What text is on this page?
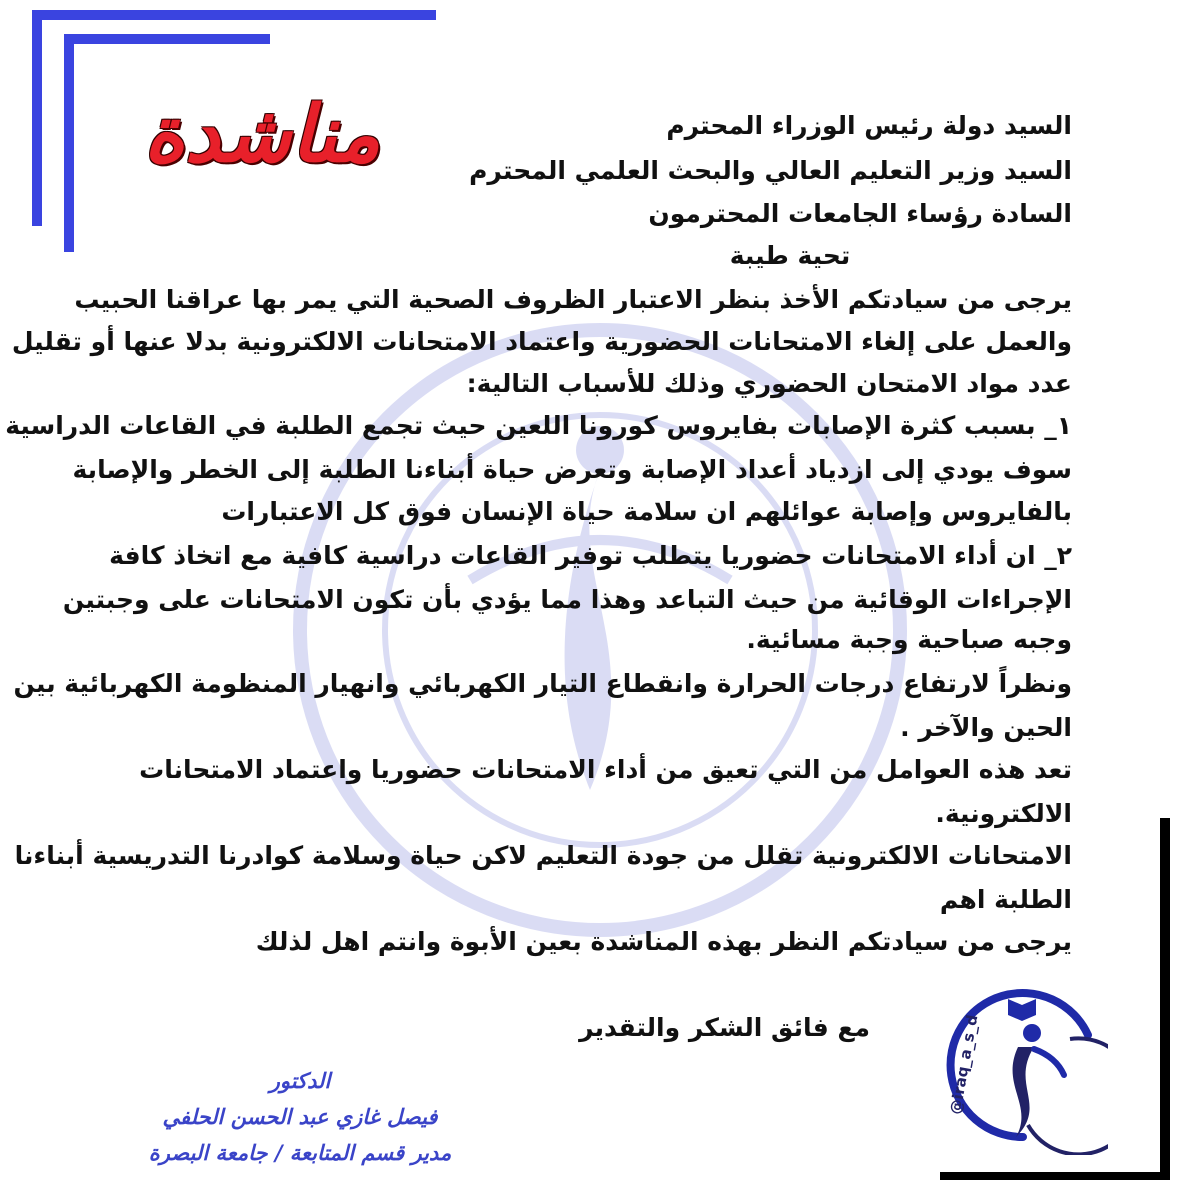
مناشدة	السيد دولة رئيس الوزراء المحترم
السيد وزير التعليم العالي والبحث العلمي المحترم
السادة رؤساء الجامعات المحترمون
تحية طيبة
يرجى من سيادتكم الأخذ بنظر الاعتبار الظروف الصحية التي يمر بها عراقنا الحبيب
والعمل على إلغاء الامتحانات الحضورية واعتماد الامتحانات الالكترونية بدلا عنها أو تقليل
عدد مواد الامتحان الحضوري وذلك للأسباب التالية:
١_ بسبب كثرة الإصابات بفايروس كورونا اللعين حيث تجمع الطلبة في القاعات الدراسية
سوف يودي إلى ازدياد أعداد الإصابة وتعرض حياة أبناءنا الطلبة إلى الخطر والإصابة
بالفايروس وإصابة عوائلهم ان سلامة حياة الإنسان فوق كل الاعتبارات
٢_ ان أداء الامتحانات حضوريا يتطلب توفير القاعات دراسية كافية مع اتخاذ كافة
الإجراءات الوقائية من حيث التباعد وهذا مما يؤدي بأن تكون الامتحانات على وجبتين
وجبه صباحية وجبة مسائية.
ونظراً لارتفاع درجات الحرارة وانقطاع التيار الكهربائي وانهيار المنظومة الكهربائية بين
الحين والآخر .
تعد هذه العوامل من التي تعيق من أداء الامتحانات حضوريا واعتماد الامتحانات
الالكترونية.
الامتحانات الالكترونية تقلل من جودة التعليم لاكن حياة وسلامة كوادرنا التدريسية أبناءنا
الطلبة اهم
يرجى من سيادتكم النظر بهذه المناشدة بعين الأبوة وانتم اهل لذلك
مع فائق الشكر والتقدير
الدكتور
فيصل غازي عبد الحسن الحلفي
مدير قسم المتابعة / جامعة البصرة
@iraq_a_s_d
